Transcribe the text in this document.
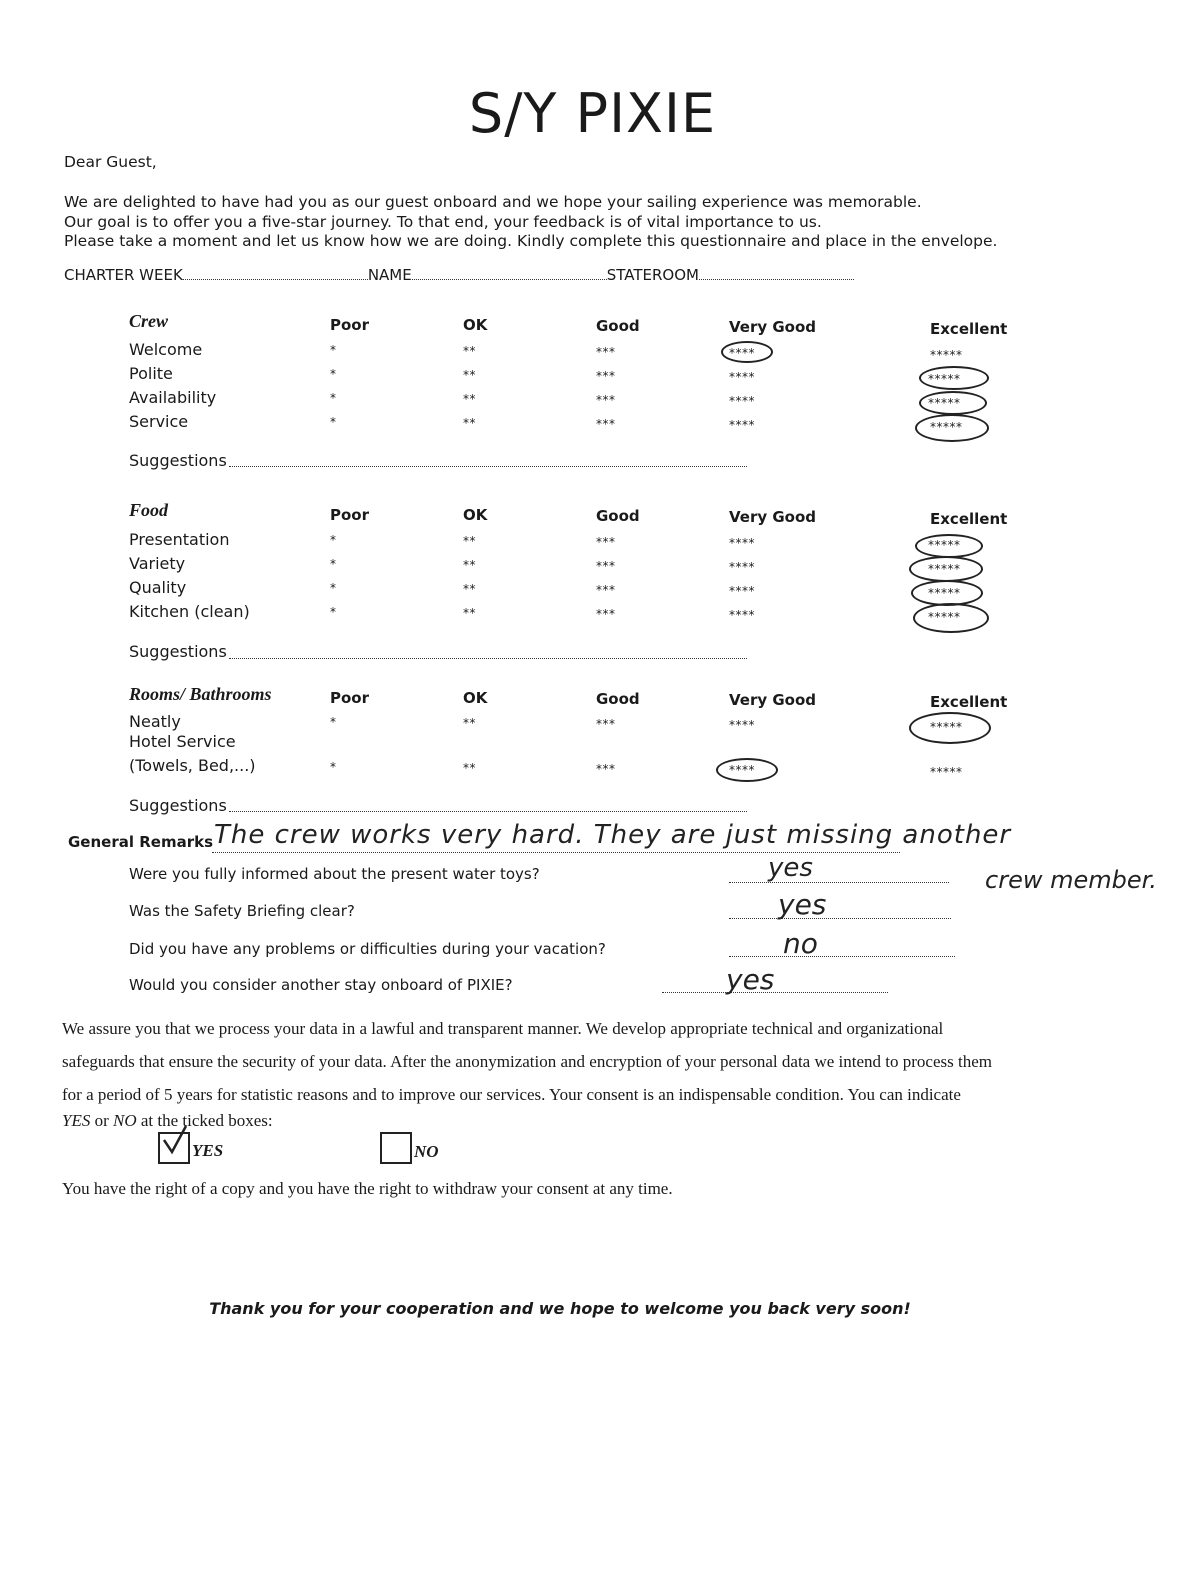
S/Y PIXIE
Dear Guest,
We are delighted to have had you as our guest onboard and we hope your sailing experience was memorable.
Our goal is to offer you a five-star journey. To that end, your feedback is of vital importance to us.
Please take a moment and let us know how we are doing. Kindly complete this questionnaire and place in the envelope.
CHARTER WEEK	NAME	STATEROOM
Crew	Poor	OK	Good	Very Good	Excellent
Welcome	*	**	***	****	*****
Polite	*	**	***	****	*****
Availability	*	**	***	****	*****
Service	*	**	***	****	*****
Suggestions
Food	Poor	OK	Good	Very Good	Excellent
Presentation	*	**	***	****	*****
Variety	*	**	***	****	*****
Quality	*	**	***	****	*****
Kitchen (clean)	*	**	***	****	*****
Suggestions
Rooms/ Bathrooms	Poor	OK	Good	Very Good	Excellent
Neatly	*	**	***	****	*****
Hotel Service
(Towels, Bed,...)	*	**	***	****	*****
Suggestions
General Remarks The crew works very hard. They are just missing another
crew member.
Were you fully informed about the present water toys?	yes
Was the Safety Briefing clear?	yes
Did you have any problems or difficulties during your vacation?	no
Would you consider another stay onboard of PIXIE?	yes
We assure you that we process your data in a lawful and transparent manner. We develop appropriate technical and organizational
safeguards that ensure the security of your data. After the anonymization and encryption of your personal data we intend to process them
for a period of 5 years for statistic reasons and to improve our services. Your consent is an indispensable condition. You can indicate
YES or NO at the ticked boxes:
YES	NO
You have the right of a copy and you have the right to withdraw your consent at any time.
Thank you for your cooperation and we hope to welcome you back very soon!
